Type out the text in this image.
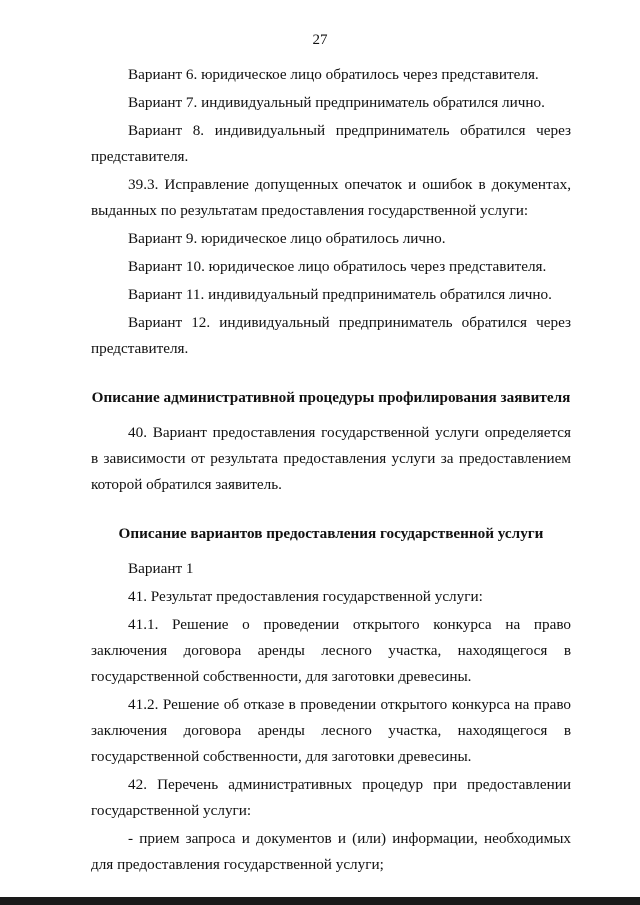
27

Вариант 6. юридическое лицо обратилось через представителя.

Вариант 7. индивидуальный предприниматель обратился лично.

Вариант 8. индивидуальный предприниматель обратился через представителя.

39.3. Исправление допущенных опечаток и ошибок в документах, выданных по результатам предоставления государственной услуги:

Вариант 9. юридическое лицо обратилось лично.

Вариант 10. юридическое лицо обратилось через представителя.

Вариант 11. индивидуальный предприниматель обратился лично.

Вариант 12. индивидуальный предприниматель обратился через представителя.

Описание административной процедуры профилирования заявителя

40. Вариант предоставления государственной услуги определяется в зависимости от результата предоставления услуги за предоставлением которой обратился заявитель.

Описание вариантов предоставления государственной услуги

Вариант 1

41. Результат предоставления государственной услуги:

41.1. Решение о проведении открытого конкурса на право заключения договора аренды лесного участка, находящегося в государственной собственности, для заготовки древесины.

41.2. Решение об отказе в проведении открытого конкурса на право заключения договора аренды лесного участка, находящегося в государственной собственности, для заготовки древесины.

42. Перечень административных процедур при предоставлении государственной услуги:

- прием запроса и документов и (или) информации, необходимых для предоставления государственной услуги;
